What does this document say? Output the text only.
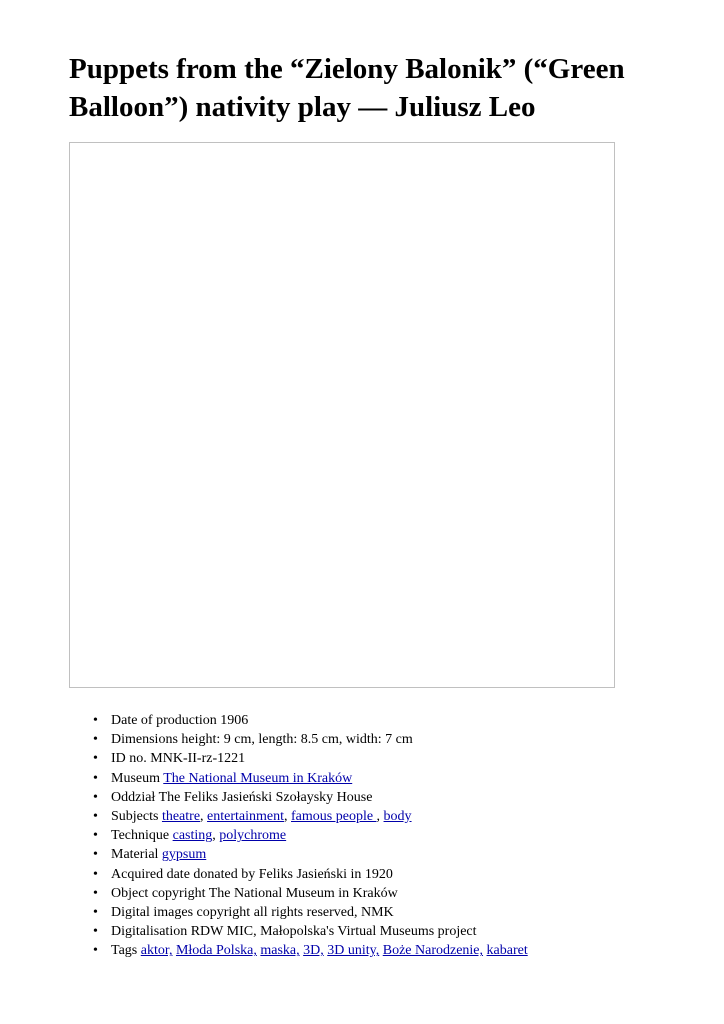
Puppets from the “Zielony Balonik” (“Green Balloon”) nativity play — Juliusz Leo
• Date of production 1906
• Dimensions height: 9 cm, length: 8.5 cm, width: 7 cm
• ID no. MNK-II-rz-1221
• Museum The National Museum in Kraków
• Oddział The Feliks Jasieński Szołaysky House
• Subjects theatre, entertainment, famous people , body
• Technique casting, polychrome
• Material gypsum
• Acquired date donated by Feliks Jasieński in 1920
• Object copyright The National Museum in Kraków
• Digital images copyright all rights reserved, NMK
• Digitalisation RDW MIC, Małopolska's Virtual Museums project
• Tags aktor, Młoda Polska, maska, 3D, 3D unity, Boże Narodzenie, kabaret
